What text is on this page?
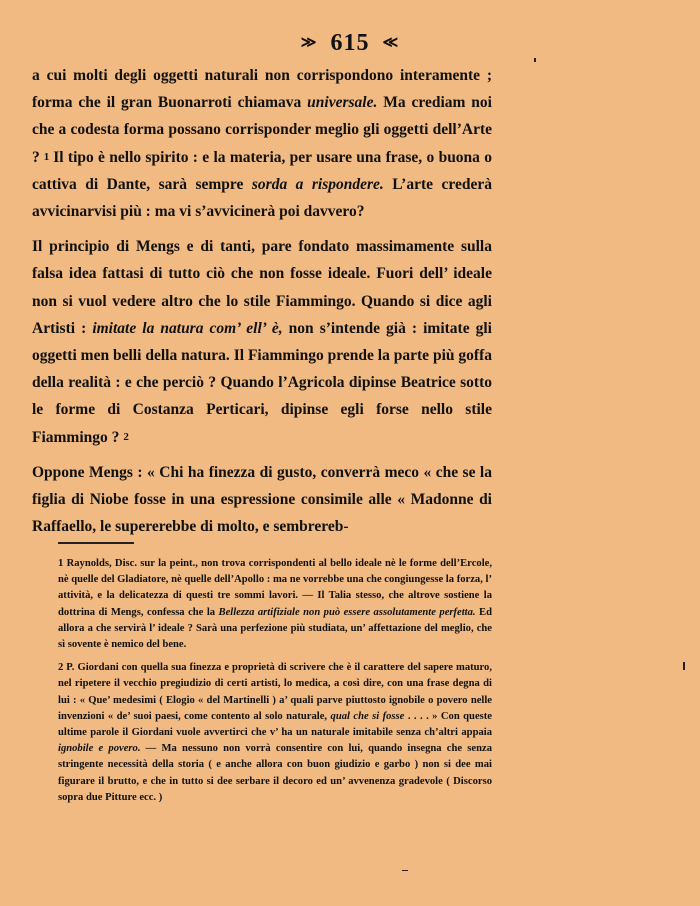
≫ 615 ≪

a cui molti degli oggetti naturali non corrispondono interamente ; forma che il gran Buonarroti chiamava universale. Ma crediam noi che a codesta forma possano corrisponder meglio gli oggetti dell’Arte ? 1 Il tipo è nello spirito : e la materia, per usare una frase, o buona o cattiva di Dante, sarà sempre sorda a rispondere. L’arte crederà avvicinarvisi più : ma vi s’avvicinerà poi davvero?

Il principio di Mengs e di tanti, pare fondato massimamente sulla falsa idea fattasi di tutto ciò che non fosse ideale. Fuori dell’ ideale non si vuol vedere altro che lo stile Fiammingo. Quando si dice agli Artisti : imitate la natura com’ ell’ è, non s’intende già : imitate gli oggetti men belli della natura. Il Fiammingo prende la parte più goffa della realità : e che perciò ? Quando l’Agricola dipinse Beatrice sotto le forme di Costanza Perticari, dipinse egli forse nello stile Fiammingo ? 2

Oppone Mengs : « Chi ha finezza di gusto, converrà meco « che se la figlia di Niobe fosse in una espressione consimile alle « Madonne di Raffaello, le supererebbe di molto, e sembrereb-

1 Raynolds, Disc. sur la peint., non trova corrispondenti al bello ideale nè le forme dell’Ercole, nè quelle del Gladiatore, nè quelle dell’Apollo : ma ne vorrebbe una che congiungesse la forza, l’ attività, e la delicatezza di questi tre sommi lavori. — Il Talia stesso, che altrove sostiene la dottrina di Mengs, confessa che la Bellezza artifiziale non può essere assolutamente perfetta. Ed allora a che servirà l’ ideale ? Sarà una perfezione più studiata, un’ affettazione del meglio, che sì sovente è nemico del bene.

2 P. Giordani con quella sua finezza e proprietà di scrivere che è il carattere del sapere maturo, nel ripetere il vecchio pregiudizio di certi artisti, lo medica, a così dire, con una frase degna di lui : « Que’ medesimi ( Elogio « del Martinelli ) a’ quali parve piuttosto ignobile o povero nelle invenzioni « de’ suoi paesi, come contento al solo naturale, qual che si fosse . . . . » Con queste ultime parole il Giordani vuole avvertirci che v’ ha un naturale imitabile senza ch’altri appaia ignobile e povero. — Ma nessuno non vorrà consentire con lui, quando insegna che senza stringente necessità della storia ( e anche allora con buon giudizio e garbo ) non si dee mai figurare il brutto, e che in tutto si dee serbare il decoro ed un’ avvenenza gradevole ( Discorso sopra due Pitture ecc. )
